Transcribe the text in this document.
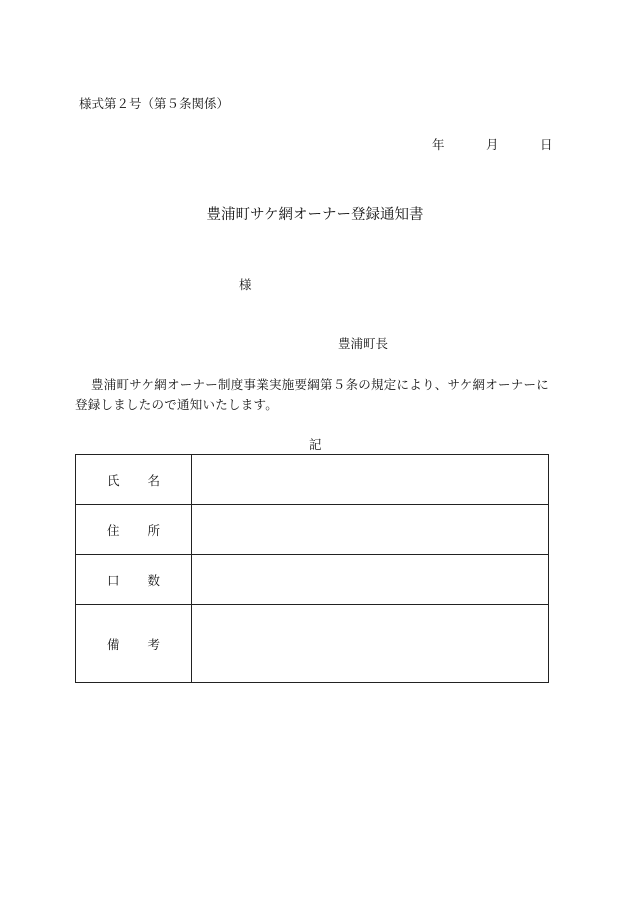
様式第２号（第５条関係）
年	月	日
豊浦町サケ網オーナー登録通知書
様
豊浦町長
豊浦町サケ網オーナー制度事業実施要綱第５条の規定により、サケ網オーナーに登録しましたので通知いたします。
記
氏 名	

住 所	

口 数	

備 考	
